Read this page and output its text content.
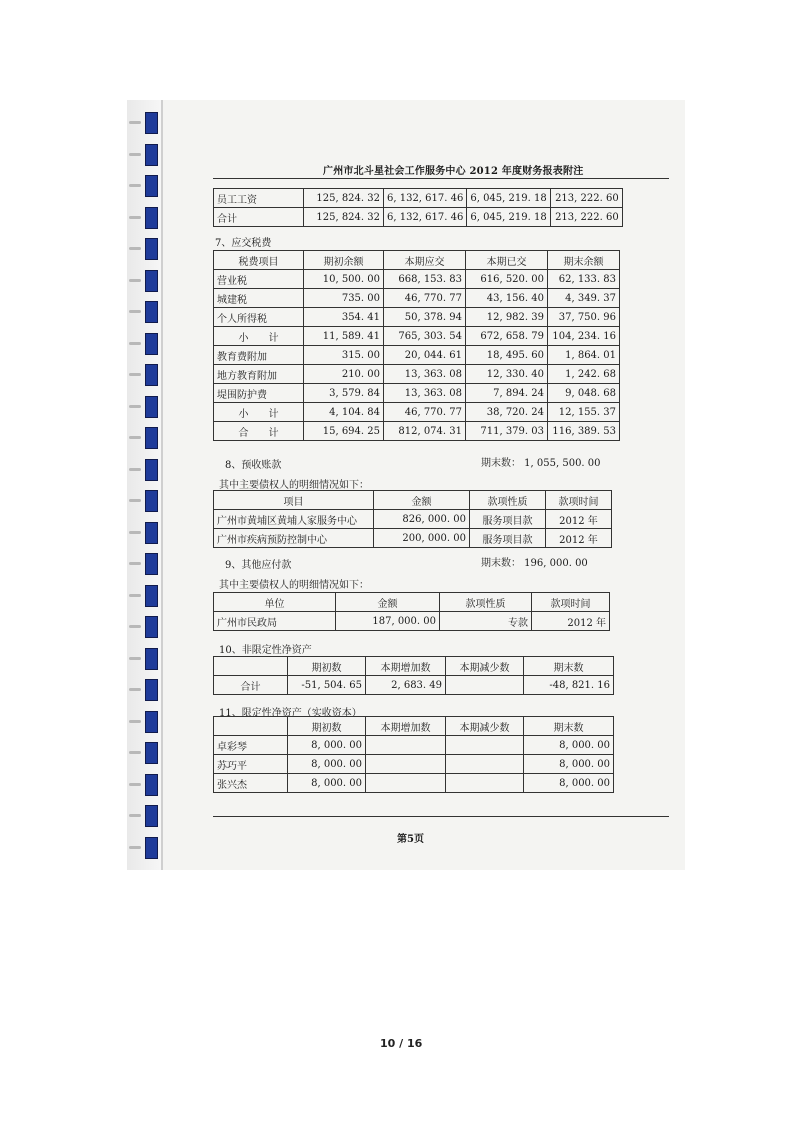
广州市北斗星社会工作服务中心 2012 年度财务报表附注
员工工资	125, 824. 32	6, 132, 617. 46	6, 045, 219. 18	213, 222. 60
合计	125, 824. 32	6, 132, 617. 46	6, 045, 219. 18	213, 222. 60
7、应交税费
税费项目	期初余额	本期应交	本期已交	期末余额
营业税	10, 500. 00	668, 153. 83	616, 520. 00	62, 133. 83
城建税	735. 00	46, 770. 77	43, 156. 40	4, 349. 37
个人所得税	354. 41	50, 378. 94	12, 982. 39	37, 750. 96
小　　计	11, 589. 41	765, 303. 54	672, 658. 79	104, 234. 16
教育费附加	315. 00	20, 044. 61	18, 495. 60	1, 864. 01
地方教育附加	210. 00	13, 363. 08	12, 330. 40	1, 242. 68
堤围防护费	3, 579. 84	13, 363. 08	7, 894. 24	9, 048. 68
小　　计	4, 104. 84	46, 770. 77	38, 720. 24	12, 155. 37
合　　计	15, 694. 25	812, 074. 31	711, 379. 03	116, 389. 53
8、预收账款	期末数： 1, 055, 500. 00
其中主要债权人的明细情况如下：
项目	金额	款项性质	款项时间
广州市黄埔区黄埔人家服务中心	826, 000. 00	服务项目款	2012 年
广州市疾病预防控制中心	200, 000. 00	服务项目款	2012 年
9、其他应付款	期末数： 196, 000. 00
其中主要债权人的明细情况如下：
单位	金额	款项性质	款项时间
广州市民政局	187, 000. 00	专款	2012 年
10、非限定性净资产
	期初数	本期增加数	本期减少数	期末数
合计	-51, 504. 65	2, 683. 49		-48, 821. 16
11、限定性净资产（实收资本）
	期初数	本期增加数	本期减少数	期末数
卓彩琴	8, 000. 00			8, 000. 00
苏巧平	8, 000. 00			8, 000. 00
张兴杰	8, 000. 00			8, 000. 00
第5页
10 / 16
